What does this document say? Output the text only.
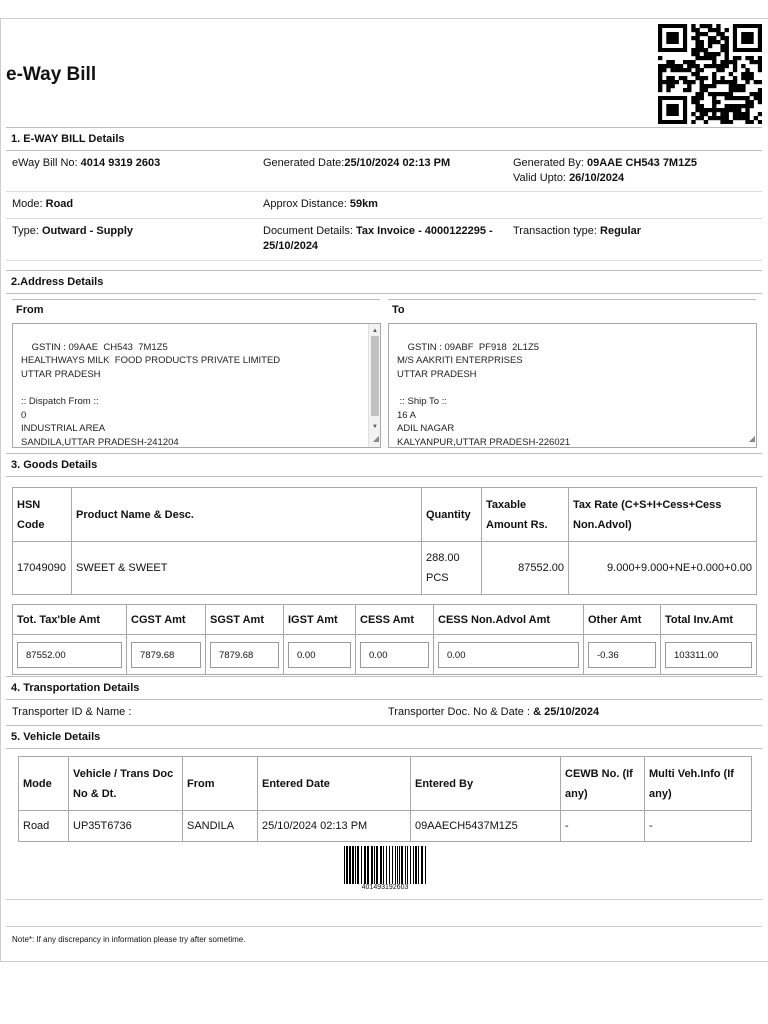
e-Way Bill
1. E-WAY BILL Details
eWay Bill No: 4014 9319 2603	Generated Date:25/10/2024 02:13 PM	Generated By: 09AAE CH543 7M1Z5
Valid Upto: 26/10/2024
Mode: Road	Approx Distance: 59km
Type: Outward - Supply	Document Details: Tax Invoice - 4000122295 -
25/10/2024
Transaction type: Regular
2.Address Details
From	To

GSTIN : 09AAE  CH543  7M1Z5
HEALTHWAYS MILK  FOOD PRODUCTS PRIVATE LIMITED
UTTAR PRADESH

:: Dispatch From ::
0
INDUSTRIAL AREA
SANDILA,UTTAR PRADESH-241204

▲

▼

◢

GSTIN : 09ABF  PF918  2L1Z5
M/S AAKRITI ENTERPRISES
UTTAR PRADESH

:: Ship To ::
16 A
ADIL NAGAR
KALYANPUR,UTTAR PRADESH-226021
	◢

3. Goods Details
HSN Code	Product Name & Desc.	Quantity	Taxable Amount Rs.	Tax Rate (C+S+I+Cess+Cess Non.Advol)
17049090	SWEET & SWEET	288.00 PCS	87552.00	9.000+9.000+NE+0.000+0.00
Tot. Tax'ble Amt	CGST Amt	SGST Amt	IGST Amt	CESS Amt	CESS Non.Advol Amt	Other Amt	Total Inv.Amt

87552.00	7879.68	7879.68	0.00	0.00	0.00	-0.36	103311.00
4. Transportation Details
Transporter ID & Name :	Transporter Doc. No & Date : & 25/10/2024
5. Vehicle Details
Mode	Vehicle / Trans Doc No & Dt.	From	Entered Date	Entered By	CEWB No. (If any)	Multi Veh.Info (If any)
Road	UP35T6736	SANDILA	25/10/2024 02:13 PM	09AAECH5437M1Z5	-	-
401493192603
Note*: If any discrepancy in information please try after sometime.
